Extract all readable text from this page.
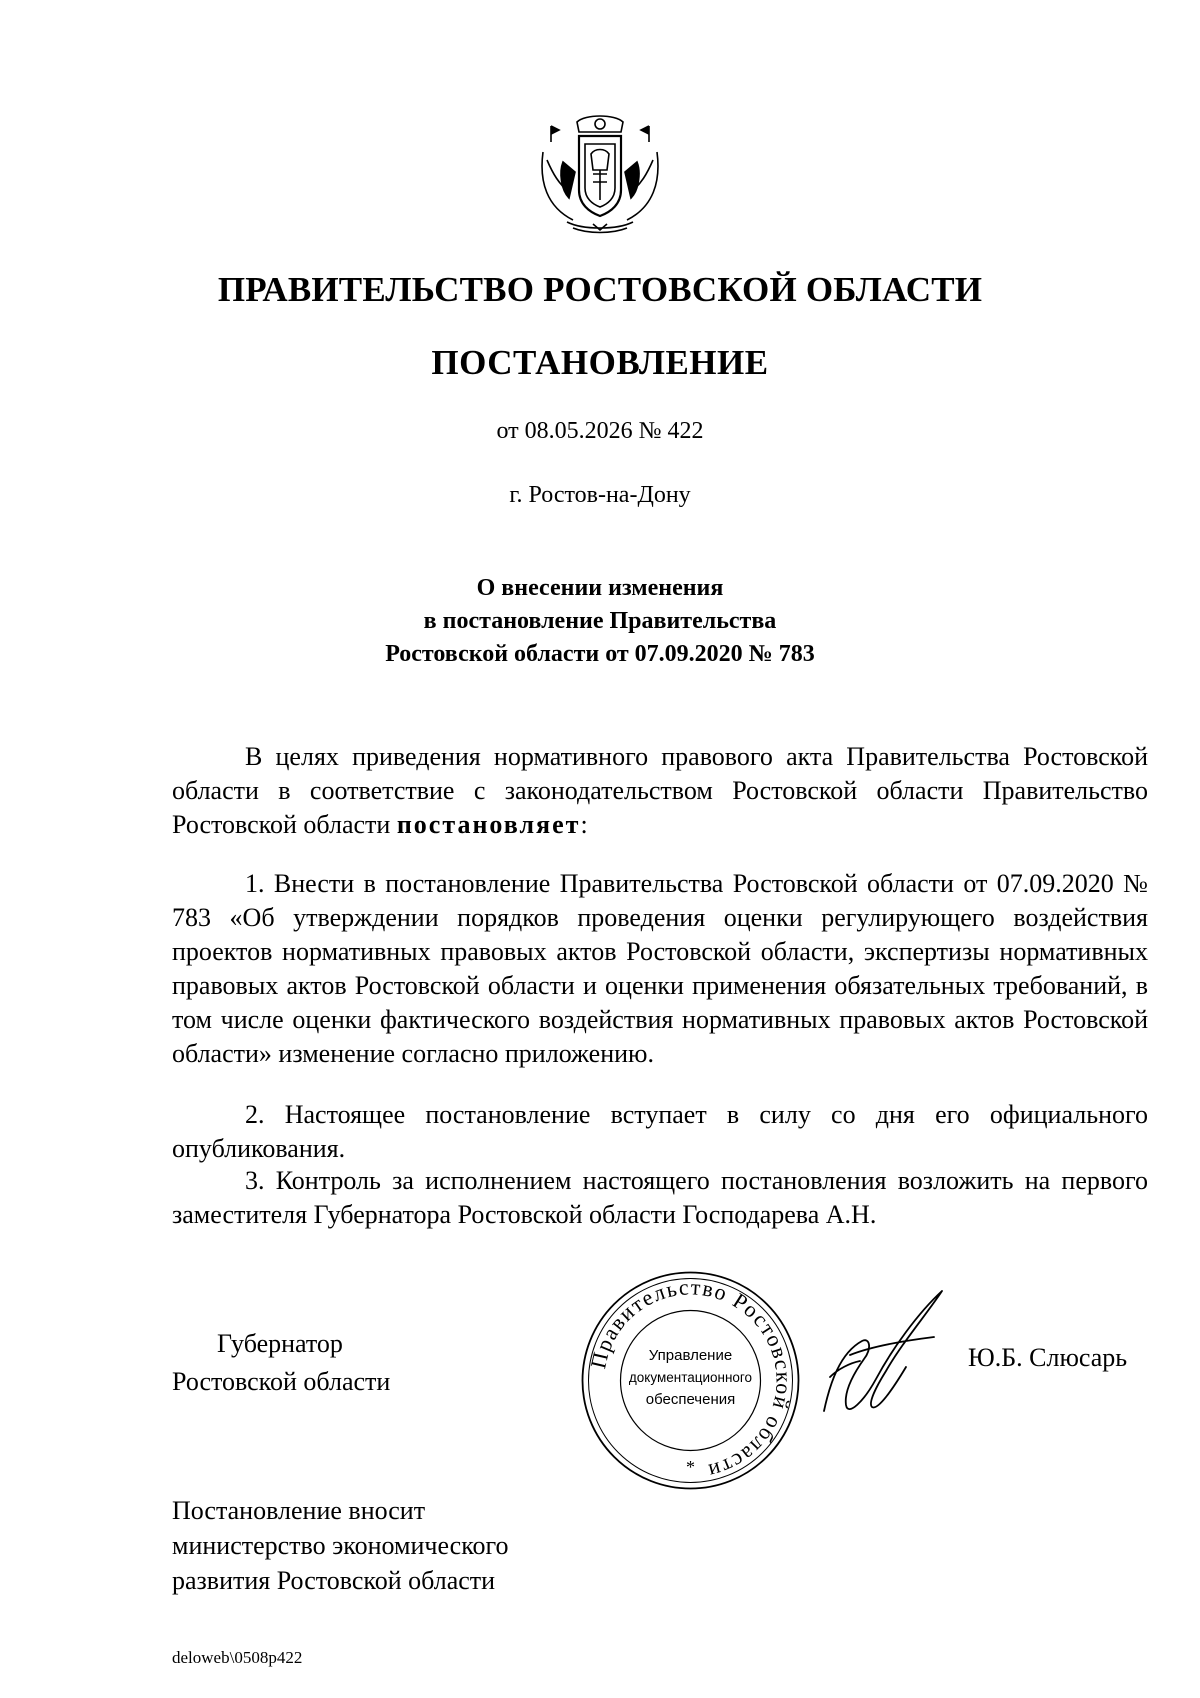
ПРАВИТЕЛЬСТВО РОСТОВСКОЙ ОБЛАСТИ
ПОСТАНОВЛЕНИЕ
от 08.05.2026 № 422
г. Ростов-на-Дону
О внесении изменения
в постановление Правительства
Ростовской области от 07.09.2020 № 783
В целях приведения нормативного правового акта Правительства Ростовской области в соответствие с законодательством Ростовской области Правительство Ростовской области постановляет:
1. Внести в постановление Правительства Ростовской области от 07.09.2020 № 783 «Об утверждении порядков проведения оценки регулирующего воздействия проектов нормативных правовых актов Ростовской области, экспертизы нормативных правовых актов Ростовской области и оценки применения обязательных требований, в том числе оценки фактического воздействия нормативных правовых актов Ростовской области» изменение согласно приложению.
2. Настоящее постановление вступает в силу со дня его официального опубликования.
3. Контроль за исполнением настоящего постановления возложить на первого заместителя Губернатора Ростовской области Господарева А.Н.
Губернатор
Ростовской области
Правительство Ростовской области
Управление
документационного
обеспечения
*
Ю.Б. Слюсарь
Постановление вносит
министерство экономического
развития Ростовской области
deloweb\0508p422
